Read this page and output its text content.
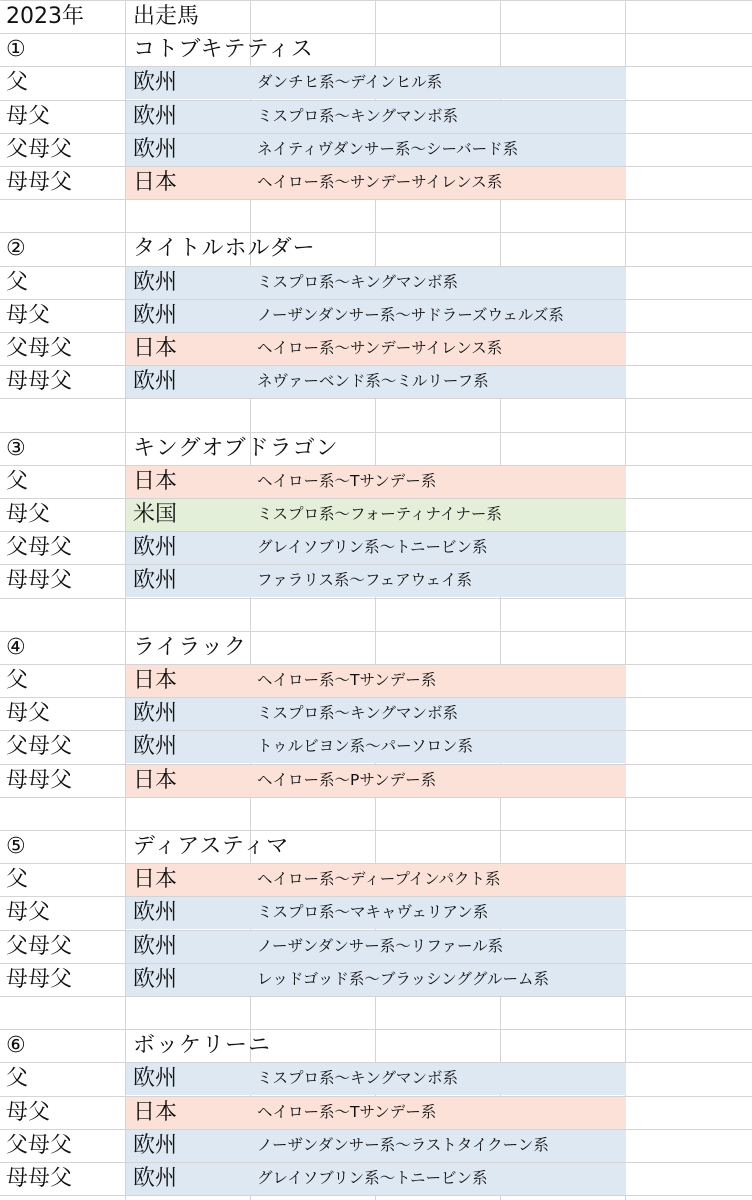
2023年 出走馬
①	コトブキテティス
父	欧州	ダンチヒ系〜デインヒル系
母父	欧州	ミスプロ系〜キングマンボ系
父母父	欧州	ネイティヴダンサー系〜シーバード系
母母父	日本	ヘイロー系〜サンデーサイレンス系
②	タイトルホルダー
父	欧州	ミスプロ系〜キングマンボ系
母父	欧州	ノーザンダンサー系〜サドラーズウェルズ系
父母父	日本	ヘイロー系〜サンデーサイレンス系
母母父	欧州	ネヴァーベンド系〜ミルリーフ系
③	キングオブドラゴン
父	日本	ヘイロー系〜Tサンデー系
母父	米国	ミスプロ系〜フォーティナイナー系
父母父	欧州	グレイソブリン系〜トニービン系
母母父	欧州	ファラリス系〜フェアウェイ系
④	ライラック
父	日本	ヘイロー系〜Tサンデー系
母父	欧州	ミスプロ系〜キングマンボ系
父母父	欧州	トゥルビヨン系〜パーソロン系
母母父	日本	ヘイロー系〜Pサンデー系
⑤	ディアスティマ
父	日本	ヘイロー系〜ディープインパクト系
母父	欧州	ミスプロ系〜マキャヴェリアン系
父母父	欧州	ノーザンダンサー系〜リファール系
母母父	欧州	レッドゴッド系〜ブラッシンググルーム系
⑥	ボッケリーニ
父	欧州	ミスプロ系〜キングマンボ系
母父	日本	ヘイロー系〜Tサンデー系
父母父	欧州	ノーザンダンサー系〜ラストタイクーン系
母母父	欧州	グレイソブリン系〜トニービン系
